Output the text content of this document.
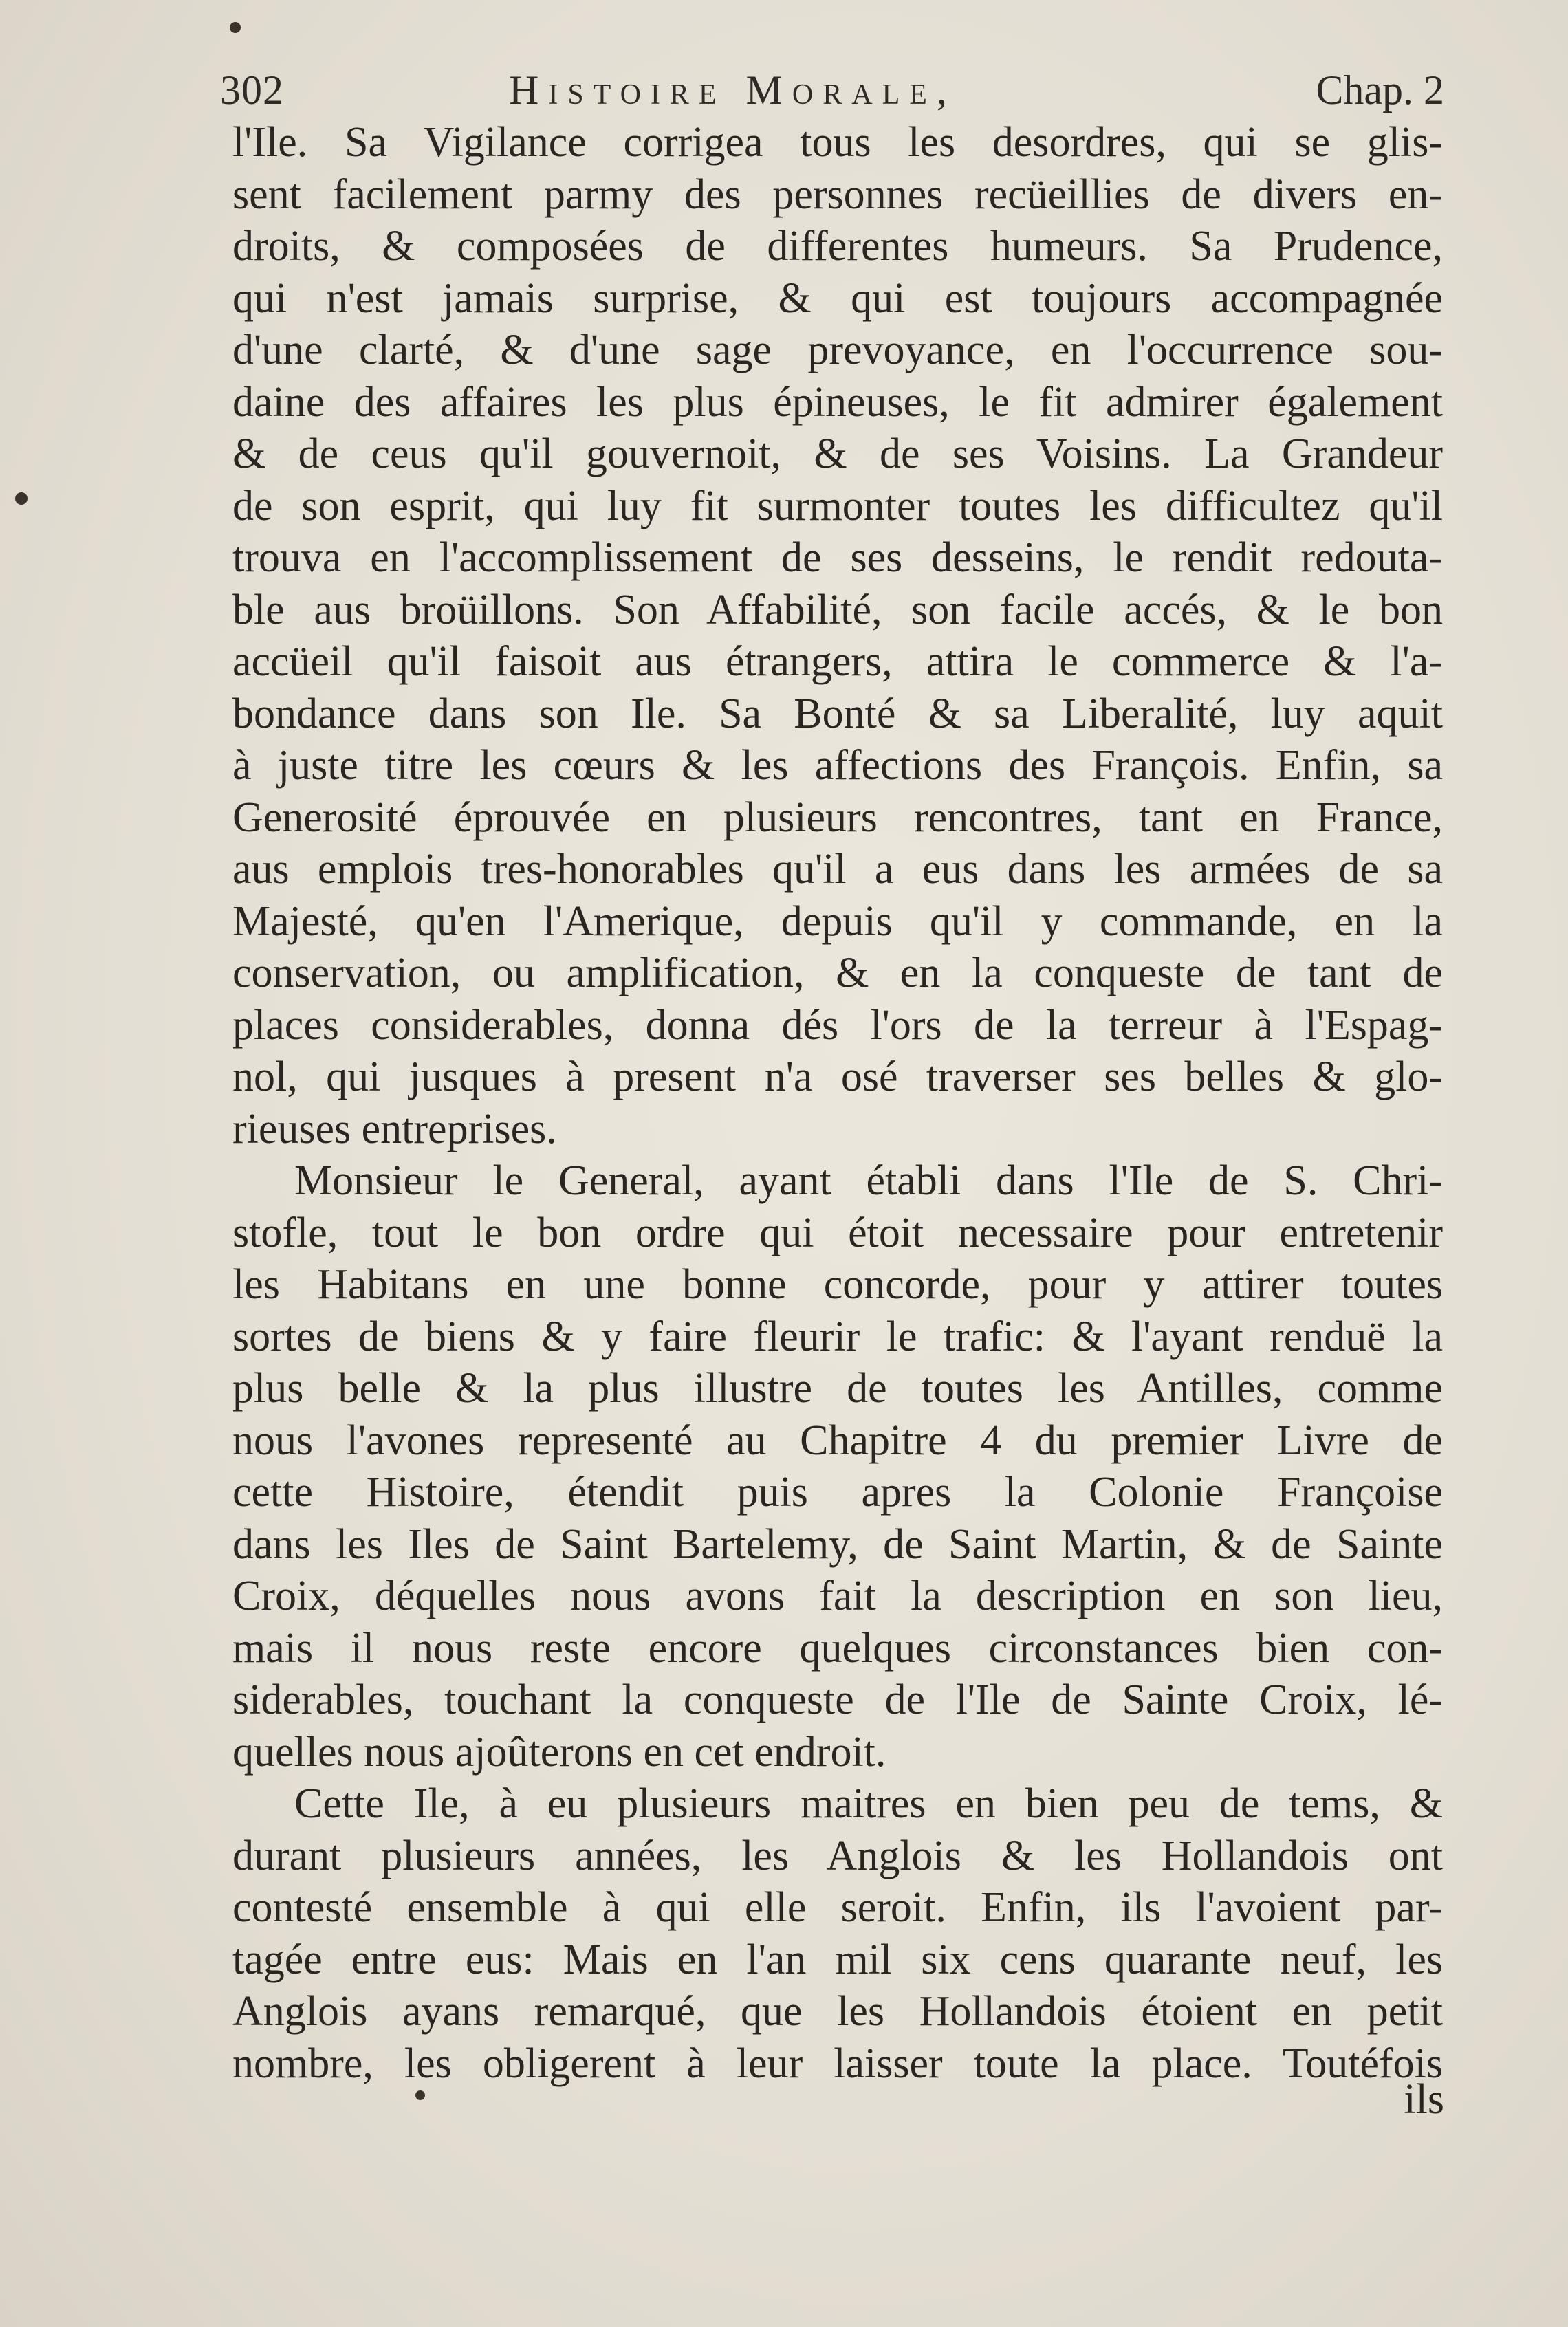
302	Histoire Morale,	Chap. 2
l'Ile. Sa Vigilance corrigea tous les desordres, qui se glis-
sent facilement parmy des personnes recüeillies de divers en-
droits, & composées de differentes humeurs. Sa Prudence,
qui n'est jamais surprise, & qui est toujours accompagnée
d'une clarté, & d'une sage prevoyance, en l'occurrence sou-
daine des affaires les plus épineuses, le fit admirer également
& de ceus qu'il gouvernoit, & de ses Voisins. La Grandeur
de son esprit, qui luy fit surmonter toutes les difficultez qu'il
trouva en l'accomplissement de ses desseins, le rendit redouta-
ble aus broüillons. Son Affabilité, son facile accés, & le bon
accüeil qu'il faisoit aus étrangers, attira le commerce & l'a-
bondance dans son Ile. Sa Bonté & sa Liberalité, luy aquit
à juste titre les cœurs & les affections des François. Enfin, sa
Generosité éprouvée en plusieurs rencontres, tant en France,
aus emplois tres-honorables qu'il a eus dans les armées de sa
Majesté, qu'en l'Amerique, depuis qu'il y commande, en la
conservation, ou amplification, & en la conqueste de tant de
places considerables, donna dés l'ors de la terreur à l'Espag-
nol, qui jusques à present n'a osé traverser ses belles & glo-
rieuses entreprises.
Monsieur le General, ayant établi dans l'Ile de S. Chri-
stofle, tout le bon ordre qui étoit necessaire pour entretenir
les Habitans en une bonne concorde, pour y attirer toutes
sortes de biens & y faire fleurir le trafic: & l'ayant renduë la
plus belle & la plus illustre de toutes les Antilles, comme
nous l'avones representé au Chapitre 4 du premier Livre de
cette Histoire, étendit puis apres la Colonie Françoise
dans les Iles de Saint Bartelemy, de Saint Martin, & de Sainte
Croix, déquelles nous avons fait la description en son lieu,
mais il nous reste encore quelques circonstances bien con-
siderables, touchant la conqueste de l'Ile de Sainte Croix, lé-
quelles nous ajoûterons en cet endroit.
Cette Ile, à eu plusieurs maitres en bien peu de tems, &
durant plusieurs années, les Anglois & les Hollandois ont
contesté ensemble à qui elle seroit. Enfin, ils l'avoient par-
tagée entre eus: Mais en l'an mil six cens quarante neuf, les
Anglois ayans remarqué, que les Hollandois étoient en petit
nombre, les obligerent à leur laisser toute la place. Toutéfois
ils
